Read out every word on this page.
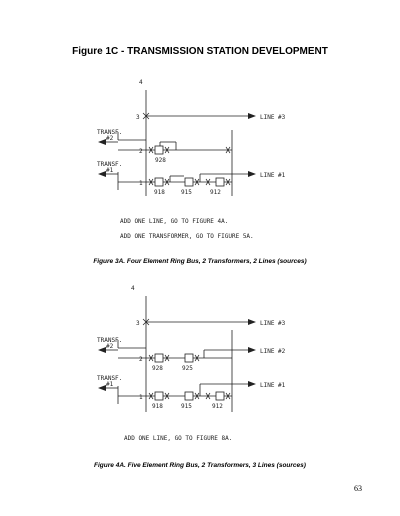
Figure 1C - TRANSMISSION STATION DEVELOPMENT
4
3
2
1
LINE #3
LINE #1
TRANSF.
#2
TRANSF.
#1
928
918	915	912
ADD ONE LINE, GO TO FIGURE 4A.
ADD ONE TRANSFORMER, GO TO FIGURE 5A.
Figure 3A. Four Element Ring Bus, 2 Transformers, 2 Lines (sources)
4
3
2
1
LINE #3
LINE #2
LINE #1
TRANSF.
#2
TRANSF.
#1
928	925
918	915	912
ADD ONE LINE, GO TO FIGURE 8A.
Figure 4A. Five Element Ring Bus, 2 Transformers, 3 Lines (sources)
63
